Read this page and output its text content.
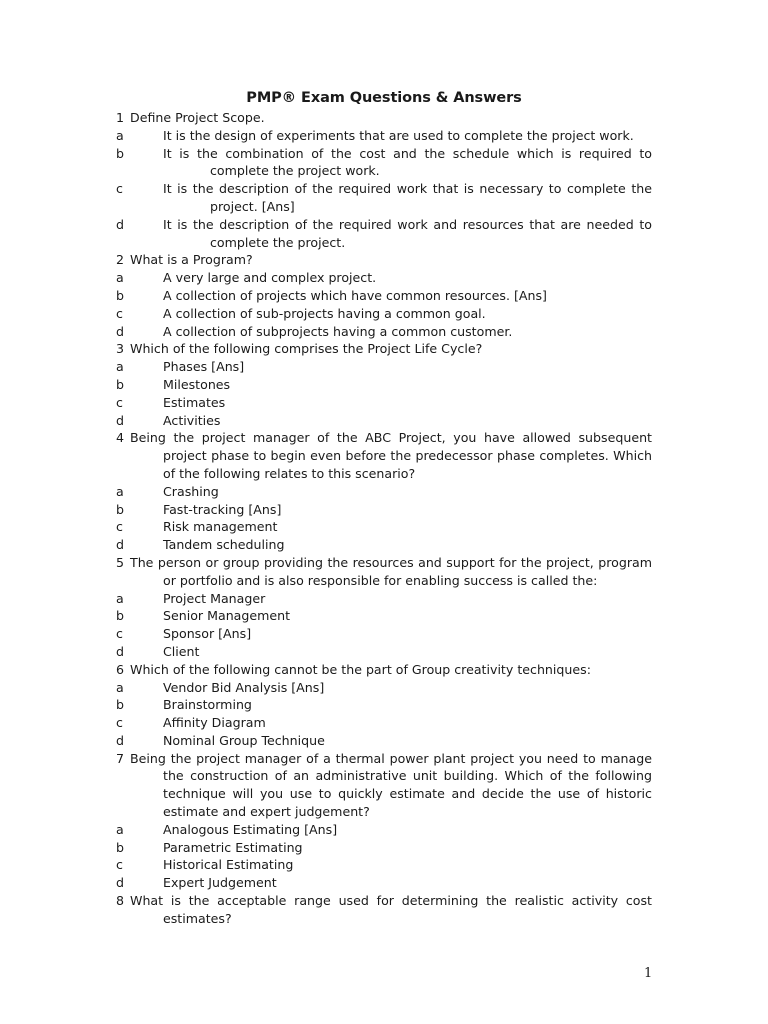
PMP® Exam Questions & Answers
1 Define Project Scope.
a	It is the design of experiments that are used to complete the project work.
b	It is the combination of the cost and the schedule which is required to complete the project work.
c	It is the description of the required work that is necessary to complete the project. [Ans]
d	It is the description of the required work and resources that are needed to complete the project.
2 What is a Program?
a	A very large and complex project.
b	A collection of projects which have common resources. [Ans]
c	A collection of sub-projects having a common goal.
d	A collection of subprojects having a common customer.
3 Which of the following comprises the Project Life Cycle?
a	Phases [Ans]
b	Milestones
c	Estimates
d	Activities
4 Being the project manager of the ABC Project, you have allowed subsequent project phase to begin even before the predecessor phase completes. Which of the following relates to this scenario?
a	Crashing
b	Fast-tracking [Ans]
c	Risk management
d	Tandem scheduling
5 The person or group providing the resources and support for the project, program or portfolio and is also responsible for enabling success is called the:
a	Project Manager
b	Senior Management
c	Sponsor [Ans]
d	Client
6 Which of the following cannot be the part of Group creativity techniques:
a	Vendor Bid Analysis [Ans]
b	Brainstorming
c	Affinity Diagram
d	Nominal Group Technique
7 Being the project manager of a thermal power plant project you need to manage the construction of an administrative unit building. Which of the following technique will you use to quickly estimate and decide the use of historic estimate and expert judgement?
a	Analogous Estimating [Ans]
b	Parametric Estimating
c	Historical Estimating
d	Expert Judgement
8 What is the acceptable range used for determining the realistic activity cost estimates?
1
